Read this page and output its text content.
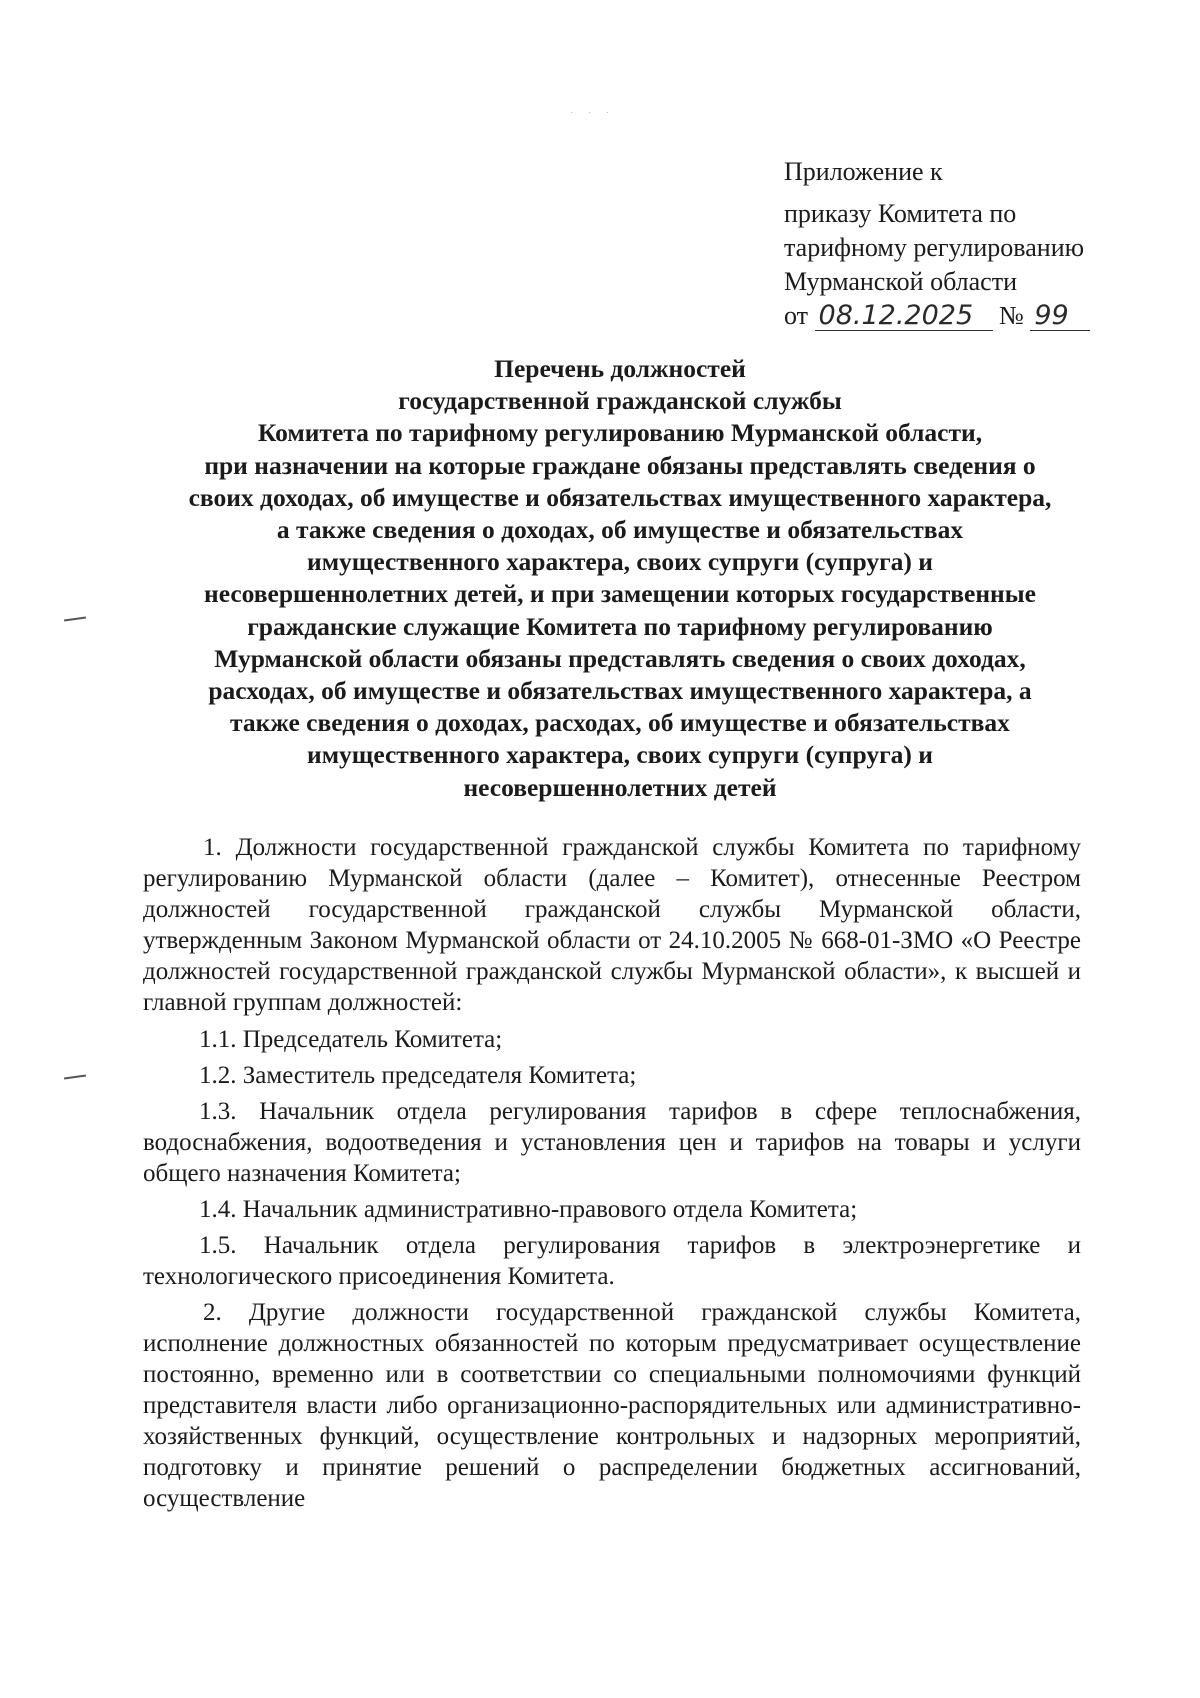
· · ·
Приложение к
приказу Комитета по
тарифному регулированию
Мурманской области
от 08.12.2025 № 99
Перечень должностей
государственной гражданской службы
Комитета по тарифному регулированию Мурманской области,
при назначении на которые граждане обязаны представлять сведения о
своих доходах, об имуществе и обязательствах имущественного характера,
а также сведения о доходах, об имуществе и обязательствах
имущественного характера, своих супруги (супруга) и
несовершеннолетних детей, и при замещении которых государственные
гражданские служащие Комитета по тарифному регулированию
Мурманской области обязаны представлять сведения о своих доходах,
расходах, об имуществе и обязательствах имущественного характера, а
также сведения о доходах, расходах, об имуществе и обязательствах
имущественного характера, своих супруги (супруга) и
несовершеннолетних детей

1. Должности государственной гражданской службы Комитета по тарифному регулированию Мурманской области (далее – Комитет), отнесенные Реестром должностей государственной гражданской службы Мурманской области, утвержденным Законом Мурманской области от 24.10.2005 № 668-01-ЗМО «О Реестре должностей государственной гражданской службы Мурманской области», к высшей и главной группам должностей:

1.1. Председатель Комитета;

1.2. Заместитель председателя Комитета;

1.3. Начальник отдела регулирования тарифов в сфере теплоснабжения, водоснабжения, водоотведения и установления цен и тарифов на товары и услуги общего назначения Комитета;

1.4. Начальник административно-правового отдела Комитета;

1.5. Начальник отдела регулирования тарифов в электроэнергетике и технологического присоединения Комитета.

2. Другие должности государственной гражданской службы Комитета, исполнение должностных обязанностей по которым предусматривает осуществление постоянно, временно или в соответствии со специальными полномочиями функций представителя власти либо организационно-распорядительных или административно-хозяйственных функций, осуществление контрольных и надзорных мероприятий, подготовку и принятие решений о распределении бюджетных ассигнований, осуществление
